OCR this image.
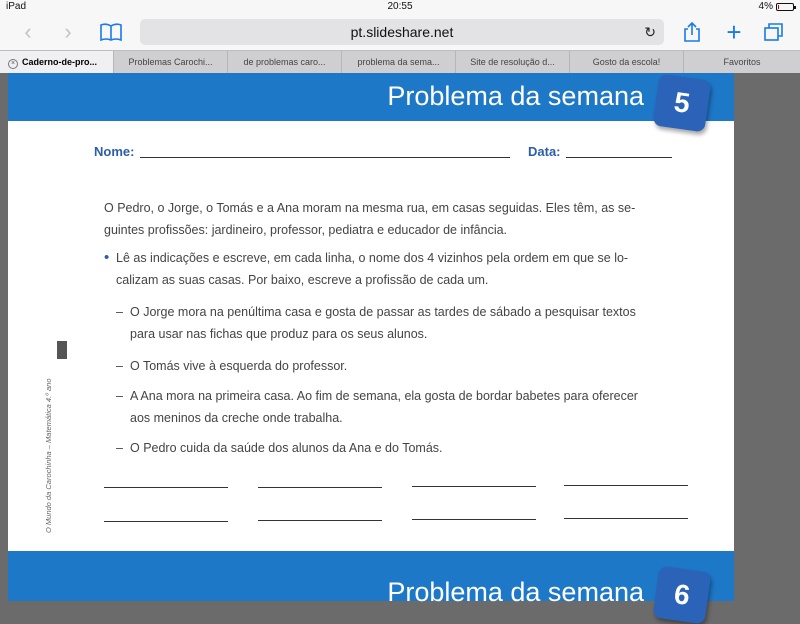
iPad	20:55	4%
‹	›	pt.slideshare.net	↻	+
× Caderno-de-pro...	Problemas Carochi...	de problemas caro...	problema da sema...	Site de resolução d...	Gosto da escola!	Favoritos
Problema da semana	5
Nome:	Data:
O Mundo da Carochinha – Matemática 4.º ano
O Pedro, o Jorge, o Tomás e a Ana moram na mesma rua, em casas seguidas. Eles têm, as se-
guintes profissões: jardineiro, professor, pediatra e educador de infância.
• Lê as indicações e escreve, em cada linha, o nome dos 4 vizinhos pela ordem em que se lo-
calizam as suas casas. Por baixo, escreve a profissão de cada um.
– O Jorge mora na penúltima casa e gosta de passar as tardes de sábado a pesquisar textos
para usar nas fichas que produz para os seus alunos.
– O Tomás vive à esquerda do professor.
– A Ana mora na primeira casa. Ao fim de semana, ela gosta de bordar babetes para oferecer
aos meninos da creche onde trabalha.
– O Pedro cuida da saúde dos alunos da Ana e do Tomás.
Problema da semana	6
